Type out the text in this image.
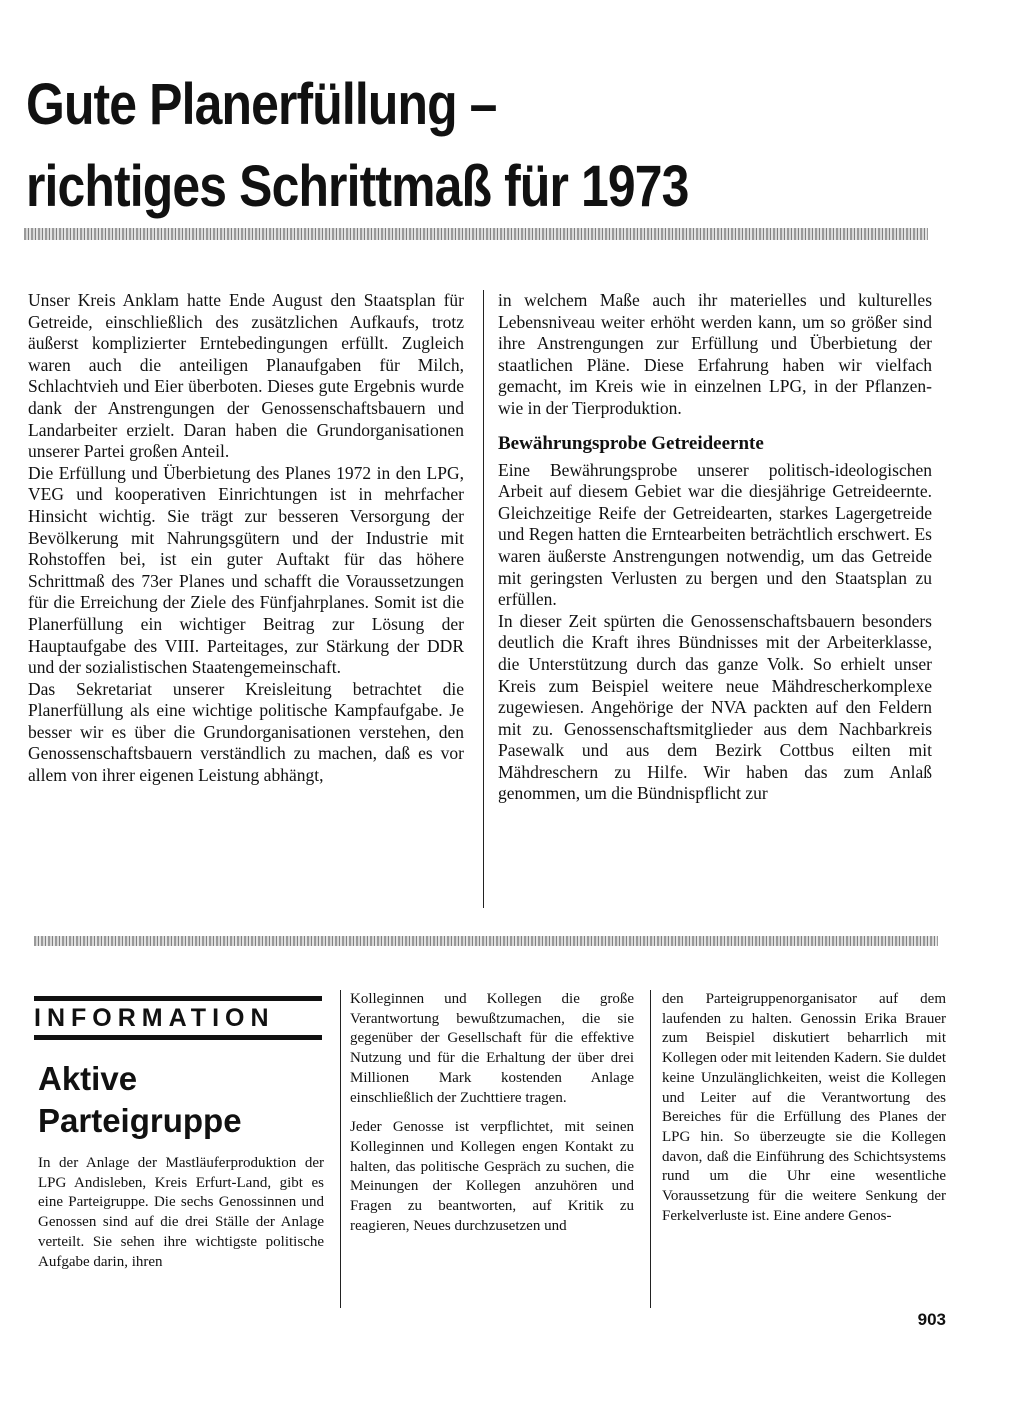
Gute Planerfüllung –
richtiges Schrittmaß für 1973

Unser Kreis Anklam hatte Ende August den Staatsplan für Getreide, einschließlich des zusätzlichen Aufkaufs, trotz äußerst komplizierter Erntebedingungen erfüllt. Zugleich waren auch die anteiligen Planaufgaben für Milch, Schlachtvieh und Eier überboten. Dieses gute Ergebnis wurde dank der Anstrengungen der Genossenschaftsbauern und Landarbeiter erzielt. Daran haben die Grundorganisationen unserer Partei großen Anteil.

Die Erfüllung und Überbietung des Planes 1972 in den LPG, VEG und kooperativen Einrichtungen ist in mehrfacher Hinsicht wichtig. Sie trägt zur besseren Versorgung der Bevölkerung mit Nahrungsgütern und der Industrie mit Rohstoffen bei, ist ein guter Auftakt für das höhere Schrittmaß des 73er Planes und schafft die Voraussetzungen für die Erreichung der Ziele des Fünfjahrplanes. Somit ist die Planerfüllung ein wichtiger Beitrag zur Lösung der Hauptaufgabe des VIII. Parteitages, zur Stärkung der DDR und der sozialistischen Staatengemeinschaft.

Das Sekretariat unserer Kreisleitung betrachtet die Planerfüllung als eine wichtige politische Kampfaufgabe. Je besser wir es über die Grundorganisationen verstehen, den Genossenschaftsbauern verständlich zu machen, daß es vor allem von ihrer eigenen Leistung abhängt,

in welchem Maße auch ihr materielles und kulturelles Lebensniveau weiter erhöht werden kann, um so größer sind ihre Anstrengungen zur Erfüllung und Überbietung der staatlichen Pläne. Diese Erfahrung haben wir vielfach gemacht, im Kreis wie in einzelnen LPG, in der Pflanzen- wie in der Tierproduktion.

Bewährungsprobe Getreideernte

Eine Bewährungsprobe unserer politisch-ideologischen Arbeit auf diesem Gebiet war die diesjährige Getreideernte. Gleichzeitige Reife der Getreidearten, starkes Lagergetreide und Regen hatten die Erntearbeiten beträchtlich erschwert. Es waren äußerste Anstrengungen notwendig, um das Getreide mit geringsten Verlusten zu bergen und den Staatsplan zu erfüllen.

In dieser Zeit spürten die Genossenschaftsbauern besonders deutlich die Kraft ihres Bündnisses mit der Arbeiterklasse, die Unterstützung durch das ganze Volk. So erhielt unser Kreis zum Beispiel weitere neue Mähdrescherkomplexe zugewiesen. Angehörige der NVA packten auf den Feldern mit zu. Genossenschaftsmitglieder aus dem Nachbarkreis Pasewalk und aus dem Bezirk Cottbus eilten mit Mähdreschern zu Hilfe. Wir haben das zum Anlaß genommen, um die Bündnispflicht zur

INFORMATION
Aktive
Parteigruppe

In der Anlage der Mastläuferproduktion der LPG Andisleben, Kreis Erfurt-Land, gibt es eine Parteigruppe. Die sechs Genossinnen und Genossen sind auf die drei Ställe der Anlage verteilt. Sie sehen ihre wichtigste politische Aufgabe darin, ihren

Kolleginnen und Kollegen die große Verantwortung bewußtzumachen, die sie gegenüber der Gesellschaft für die effektive Nutzung und für die Erhaltung der über drei Millionen Mark kostenden Anlage einschließlich der Zuchttiere tragen.

Jeder Genosse ist verpflichtet, mit seinen Kolleginnen und Kollegen engen Kontakt zu halten, das politische Gespräch zu suchen, die Meinungen der Kollegen anzuhören und Fragen zu beantworten, auf Kritik zu reagieren, Neues durchzusetzen und

den Parteigruppenorganisator auf dem laufenden zu halten. Genossin Erika Brauer zum Beispiel diskutiert beharrlich mit Kollegen oder mit leitenden Kadern. Sie duldet keine Unzulänglichkeiten, weist die Kollegen und Leiter auf die Verantwortung des Bereiches für die Erfüllung des Planes der LPG hin. So überzeugte sie die Kollegen davon, daß die Einführung des Schichtsystems rund um die Uhr eine wesentliche Voraussetzung für die weitere Senkung der Ferkelverluste ist. Eine andere Genos-

903
